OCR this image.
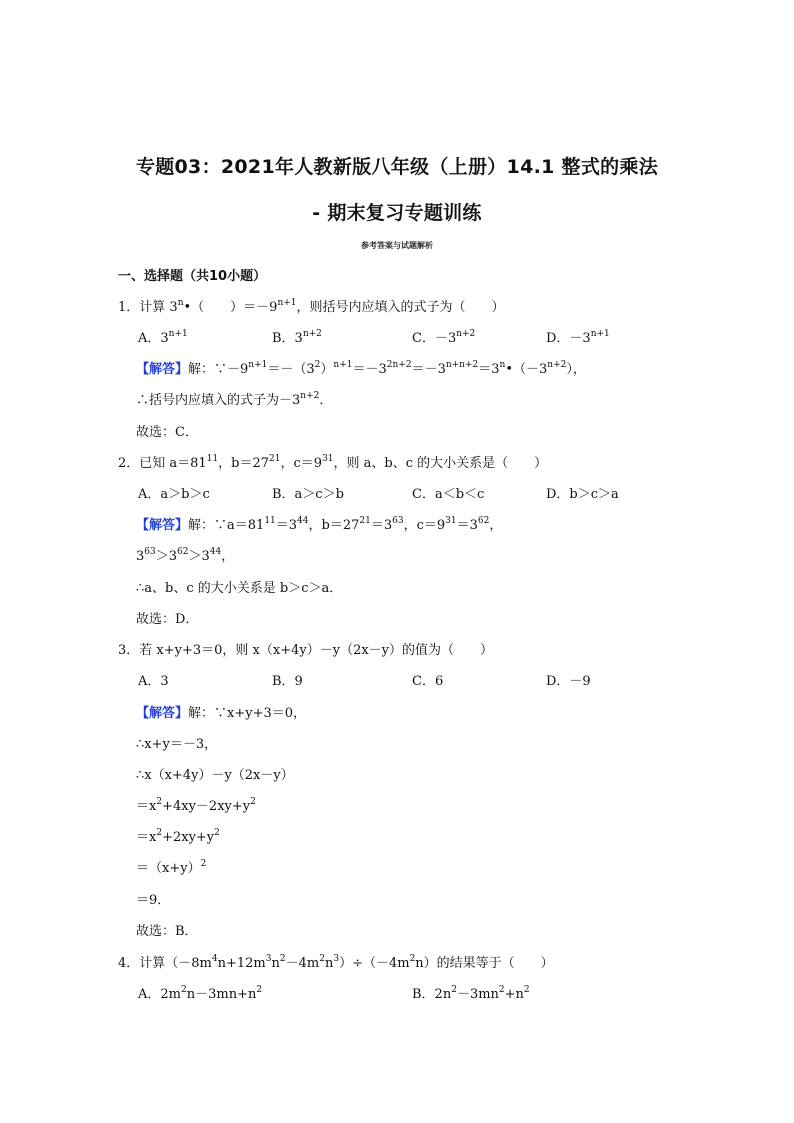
专题03：2021年人教新版八年级（上册）14.1 整式的乘法
- 期末复习专题训练
参考答案与试题解析
一、选择题（共10小题）
1．计算 3$^n$•（　　）$=-9^{n+1}$，则括号内应填入的式子为（　　）
A．$3^{n+1}$	B．$3^{n+2}$	C．$-3^{n+2}$	D．$-3^{n+1}$
【解答】解：$\because-9^{n+1}=-(3^2)^{n+1}=-3^{2n+2}=-3^{n+n+2}=3^n•(-3^{n+2})$，
∴括号内应填入的式子为$-3^{n+2}$．
故选：C．
2．已知 $a=81^{11}$，$b=27^{21}$，$c=9^{31}$，则 a、b、c 的大小关系是（　　）
A．a＞b＞c	B．a＞c＞b	C．a＜b＜c	D．b＞c＞a
【解答】解：$\because a=81^{11}=3^{44}$，$b=27^{21}=3^{63}$，$c=9^{31}=3^{62}$，
$3^{63}>3^{62}>3^{44}$，
∴a、b、c 的大小关系是 b＞c＞a．
故选：D．
3．若 x+y+3＝0，则 x（x+4y）－y（2x－y）的值为（　　）
A．3	B．9	C．6	D．－9
【解答】解：∵x+y+3＝0，
∴x+y＝－3，
∴x（x+4y）－y（2x－y）
$=x^2+4xy-2xy+y^2$
$=x^2+2xy+y^2$
$=(x+y)^2$
＝9．
故选：B．
4．计算$(-8m^4n+12m^3n^2-4m^2n^3)\div(-4m^2n)$的结果等于（　　）
A．$2m^2n-3mn+n^2$	B．$2n^2-3mn^2+n^2$
